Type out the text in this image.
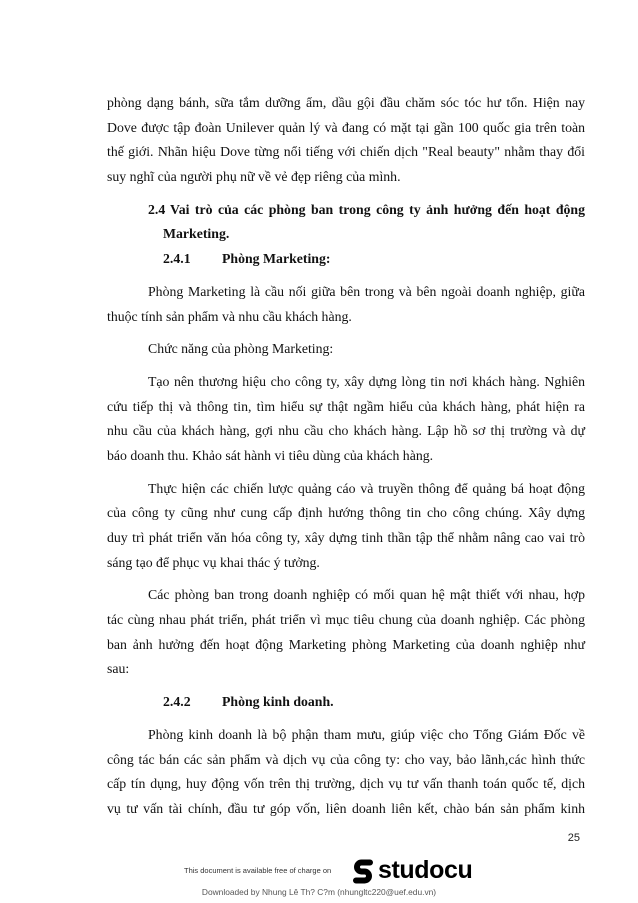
phòng dạng bánh, sữa tắm dưỡng ẩm, dầu gội đầu chăm sóc tóc hư tổn. Hiện nay
Dove được tập đoàn Unilever quản lý và đang có mặt tại gần 100 quốc gia trên toàn
thế giới. Nhãn hiệu Dove từng nổi tiếng với chiến dịch "Real beauty" nhằm thay đổi
suy nghĩ của người phụ nữ về vẻ đẹp riêng của mình.
2.4 Vai trò của các phòng ban trong công ty ảnh hưởng đến hoạt động
Marketing.
2.4.1 Phòng Marketing:
Phòng Marketing là cầu nối giữa bên trong và bên ngoài doanh nghiệp, giữa
thuộc tính sản phẩm và nhu cầu khách hàng.
Chức năng của phòng Marketing:
Tạo nên thương hiệu cho công ty, xây dựng lòng tin nơi khách hàng. Nghiên
cứu tiếp thị và thông tin, tìm hiểu sự thật ngầm hiểu của khách hàng, phát hiện ra
nhu cầu của khách hàng, gợi nhu cầu cho khách hàng. Lập hồ sơ thị trường và dự
báo doanh thu. Khảo sát hành vi tiêu dùng của khách hàng.
Thực hiện các chiến lược quảng cáo và truyền thông để quảng bá hoạt động
của công ty cũng như cung cấp định hướng thông tin cho công chúng. Xây dựng
duy trì phát triển văn hóa công ty, xây dựng tinh thần tập thể nhằm nâng cao vai trò
sáng tạo để phục vụ khai thác ý tưởng.
Các phòng ban trong doanh nghiệp có mối quan hệ mật thiết với nhau, hợp
tác cùng nhau phát triển, phát triển vì mục tiêu chung của doanh nghiệp. Các phòng
ban ảnh hưởng đến hoạt động Marketing phòng Marketing của doanh nghiệp như
sau:
2.4.2 Phòng kinh doanh.
Phòng kinh doanh là bộ phận tham mưu, giúp việc cho Tổng Giám Đốc về
công tác bán các sản phẩm và dịch vụ của công ty: cho vay, bảo lãnh,các hình thức
cấp tín dụng, huy động vốn trên thị trường, dịch vụ tư vấn thanh toán quốc tế, dịch
vụ tư vấn tài chính, đầu tư góp vốn, liên doanh liên kết, chào bán sản phẩm kinh
25
This document is available free of charge on studocu
Downloaded by Nhung Lê Th? C?m (nhungltc220@uef.edu.vn)
